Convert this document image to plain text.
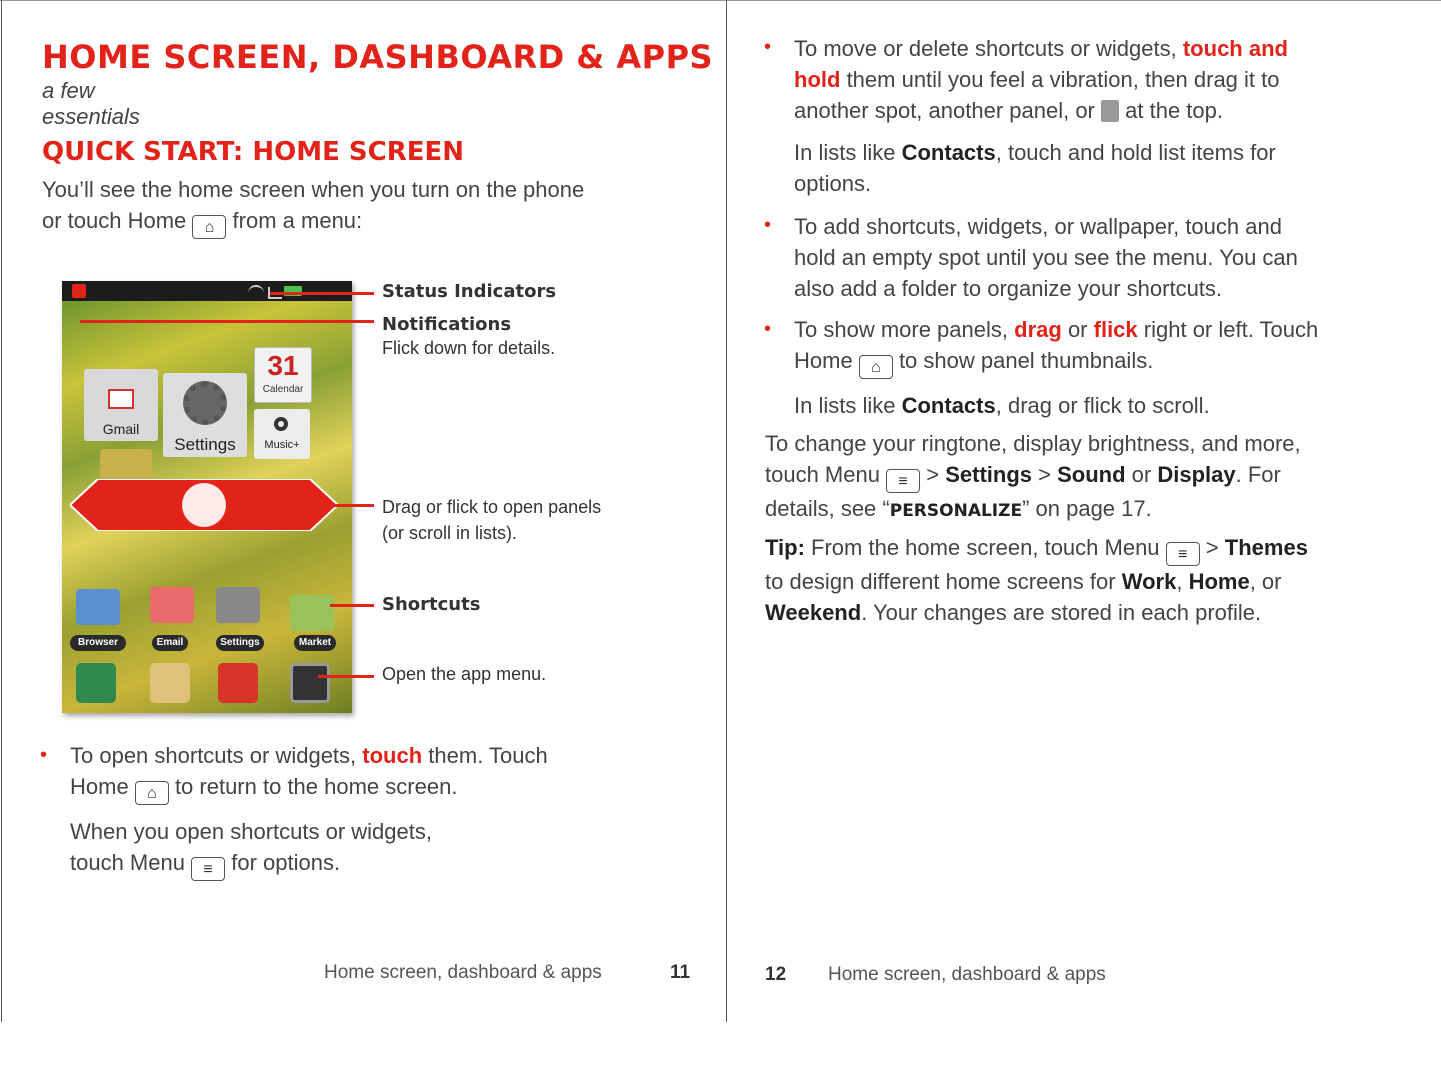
HOME SCREEN, DASHBOARD & APPS
a few essentials
QUICK START: HOME SCREEN
You’ll see the home screen when you turn on the phone
or touch Home ⌂ from a menu:
Gmail
Settings
31
Calendar
Music+
Browser	Email	Settings	Market
Status Indicators
Notifications
Flick down for details.
Drag or flick to open panels
(or scroll in lists).
Shortcuts
Open the app menu.
• To open shortcuts or widgets, touch them. Touch
Home ⌂ to return to the home screen.
When you open shortcuts or widgets,
touch Menu ≡ for options.
Home screen, dashboard & apps	11
• To move or delete shortcuts or widgets, touch and
hold them until you feel a vibration, then drag it to
another spot, another panel, or at the top.
In lists like Contacts, touch and hold list items for
options.
• To add shortcuts, widgets, or wallpaper, touch and
hold an empty spot until you see the menu. You can
also add a folder to organize your shortcuts.
• To show more panels, drag or flick right or left. Touch
Home ⌂ to show panel thumbnails.
In lists like Contacts, drag or flick to scroll.
To change your ringtone, display brightness, and more,
touch Menu ≡ > Settings > Sound or Display. For
details, see “PERSONALIZE” on page 17.
Tip: From the home screen, touch Menu ≡ > Themes
to design different home screens for Work, Home, or
Weekend. Your changes are stored in each profile.
12 Home screen, dashboard & apps
